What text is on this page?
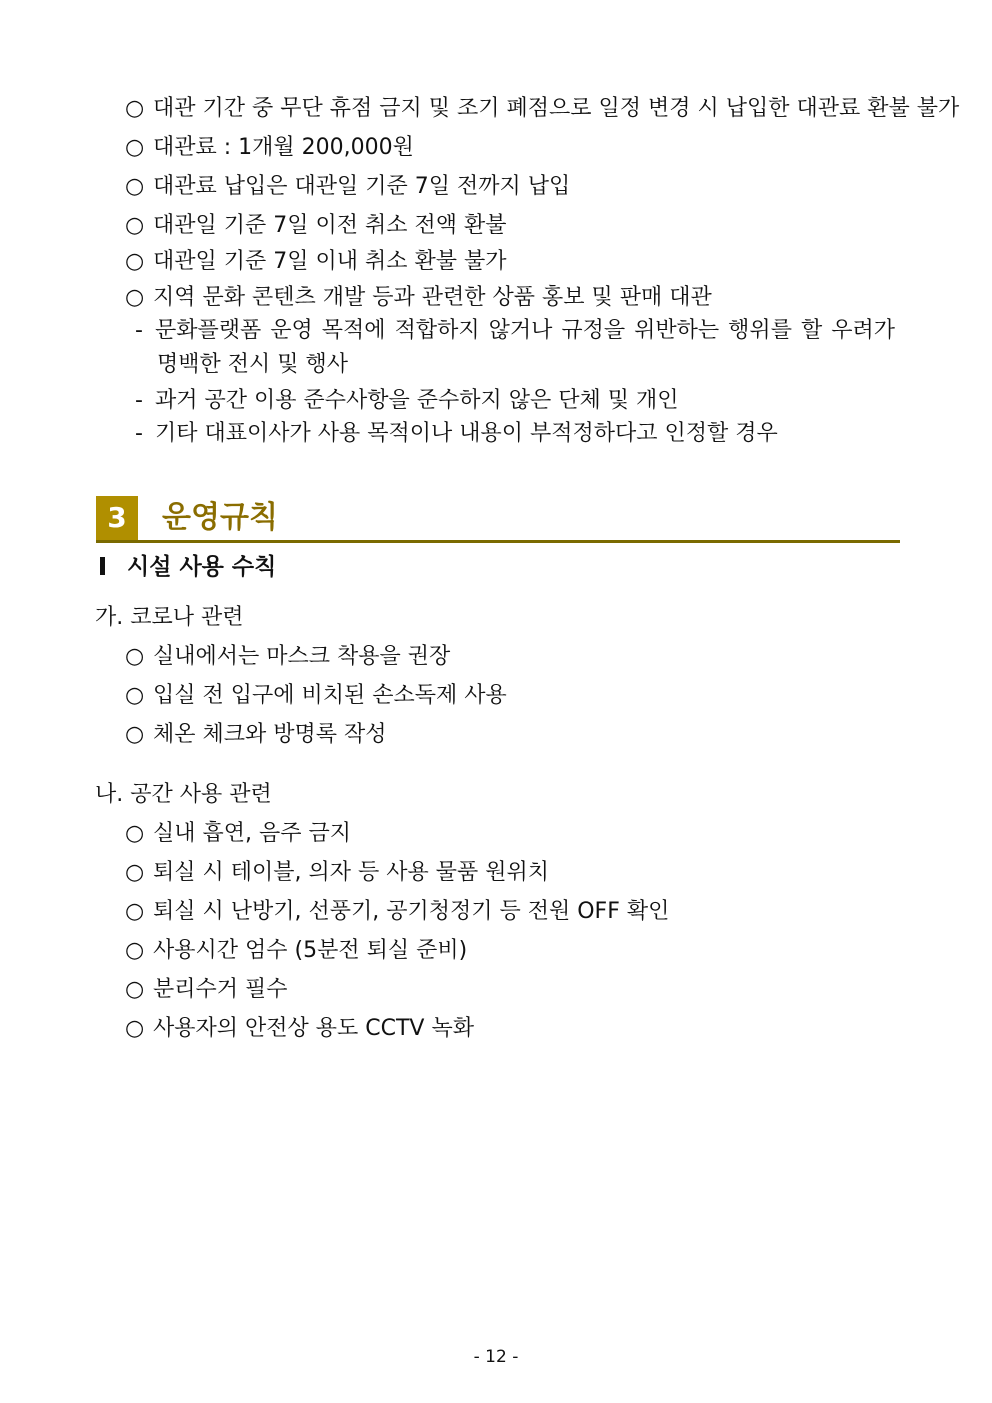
○ 대관 기간 중 무단 휴점 금지 및 조기 폐점으로 일정 변경 시 납입한 대관료 환불 불가
○ 대관료 : 1개월 200,000원
○ 대관료 납입은 대관일 기준 7일 전까지 납입
○ 대관일 기준 7일 이전 취소 전액 환불
○ 대관일 기준 7일 이내 취소 환불 불가
○ 지역 문화 콘텐츠 개발 등과 관련한 상품 홍보 및 판매 대관
- 문화플랫폼 운영 목적에 적합하지 않거나 규정을 위반하는 행위를 할 우려가
명백한 전시 및 행사
- 과거 공간 이용 준수사항을 준수하지 않은 단체 및 개인
- 기타 대표이사가 사용 목적이나 내용이 부적정하다고 인정할 경우
3	운영규칙
시설 사용 수칙
가. 코로나 관련
○ 실내에서는 마스크 착용을 권장
○ 입실 전 입구에 비치된 손소독제 사용
○ 체온 체크와 방명록 작성
나. 공간 사용 관련
○ 실내 흡연, 음주 금지
○ 퇴실 시 테이블, 의자 등 사용 물품 원위치
○ 퇴실 시 난방기, 선풍기, 공기청정기 등 전원 OFF 확인
○ 사용시간 엄수 (5분전 퇴실 준비)
○ 분리수거 필수
○ 사용자의 안전상 용도 CCTV 녹화
- 12 -
